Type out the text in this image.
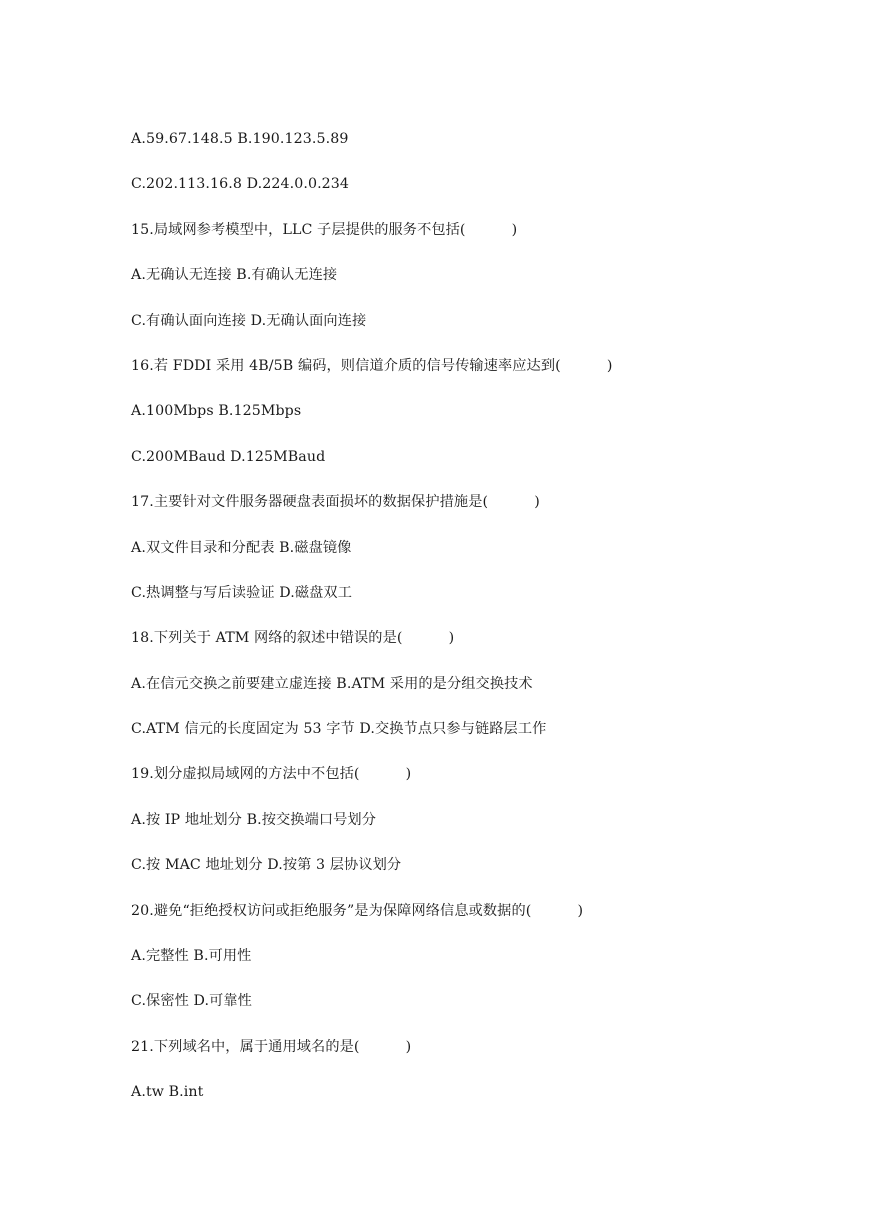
A.59.67.148.5 B.190.123.5.89
C.202.113.16.8 D.224.0.0.234
15.局域网参考模型中，LLC 子层提供的服务不包括(          )
A.无确认无连接 B.有确认无连接
C.有确认面向连接 D.无确认面向连接
16.若 FDDI 采用 4B/5B 编码，则信道介质的信号传输速率应达到(          )
A.100Mbps B.125Mbps
C.200MBaud D.125MBaud
17.主要针对文件服务器硬盘表面损坏的数据保护措施是(          )
A.双文件目录和分配表 B.磁盘镜像
C.热调整与写后读验证 D.磁盘双工
18.下列关于 ATM 网络的叙述中错误的是(          )
A.在信元交换之前要建立虚连接 B.ATM 采用的是分组交换技术
C.ATM 信元的长度固定为 53 字节 D.交换节点只参与链路层工作
19.划分虚拟局域网的方法中不包括(          )
A.按 IP 地址划分 B.按交换端口号划分
C.按 MAC 地址划分 D.按第 3 层协议划分
20.避免“拒绝授权访问或拒绝服务”是为保障网络信息或数据的(          )
A.完整性 B.可用性
C.保密性 D.可靠性
21.下列域名中，属于通用域名的是(          )
A.tw B.int
